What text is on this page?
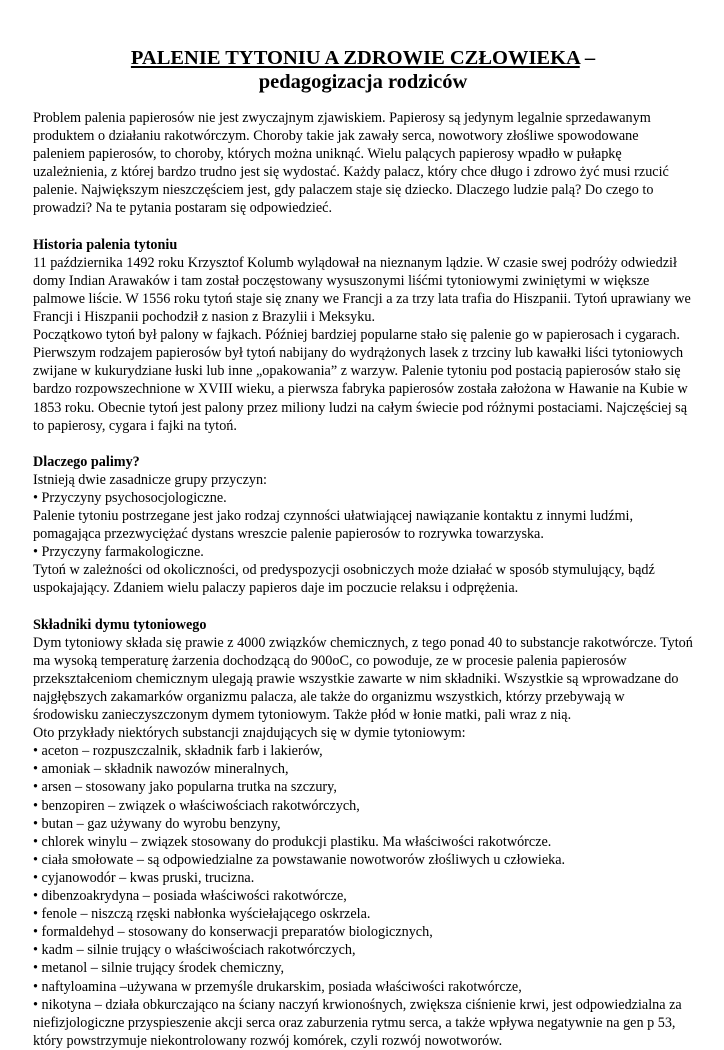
PALENIE TYTONIU A ZDROWIE CZŁOWIEKA –
pedagogizacja rodziców

Problem palenia papierosów nie jest zwyczajnym zjawiskiem. Papierosy są jedynym legalnie sprzedawanym produktem o działaniu rakotwórczym. Choroby takie jak zawały serca, nowotwory złośliwe spowodowane paleniem papierosów, to choroby, których można uniknąć. Wielu palących papierosy wpadło w pułapkę uzależnienia, z której bardzo trudno jest się wydostać. Każdy palacz, który chce długo i zdrowo żyć musi rzucić palenie. Największym nieszczęściem jest, gdy palaczem staje się dziecko. Dlaczego ludzie palą? Do czego to prowadzi? Na te pytania postaram się odpowiedzieć.

Historia palenia tytoniu

11 października 1492 roku Krzysztof Kolumb wylądował na nieznanym lądzie. W czasie swej podróży odwiedził domy Indian Arawaków i tam został poczęstowany wysuszonymi liśćmi tytoniowymi zwiniętymi w większe palmowe liście. W 1556 roku tytoń staje się znany we Francji a za trzy lata trafia do Hiszpanii. Tytoń uprawiany we Francji i Hiszpanii pochodził z nasion z Brazylii i Meksyku.

Początkowo tytoń był palony w fajkach. Później bardziej popularne stało się palenie go w papierosach i cygarach. Pierwszym rodzajem papierosów był tytoń nabijany do wydrążonych lasek z trzciny lub kawałki liści tytoniowych zwijane w kukurydziane łuski lub inne „opakowania” z warzyw. Palenie tytoniu pod postacią papierosów stało się bardzo rozpowszechnione w XVIII wieku, a pierwsza fabryka papierosów została założona w Hawanie na Kubie w 1853 roku. Obecnie tytoń jest palony przez miliony ludzi na całym świecie pod różnymi postaciami. Najczęściej są to papierosy, cygara i fajki na tytoń.

Dlaczego palimy?

Istnieją dwie zasadnicze grupy przyczyn:

• Przyczyny psychosocjologiczne.

Palenie tytoniu postrzegane jest jako rodzaj czynności ułatwiającej nawiązanie kontaktu z innymi ludźmi, pomagająca przezwyciężać dystans wreszcie palenie papierosów to rozrywka towarzyska.

• Przyczyny farmakologiczne.

Tytoń w zależności od okoliczności, od predyspozycji osobniczych może działać w sposób stymulujący, bądź uspokajający. Zdaniem wielu palaczy papieros daje im poczucie relaksu i odprężenia.

Składniki dymu tytoniowego

Dym tytoniowy składa się prawie z 4000 związków chemicznych, z tego ponad 40 to substancje rakotwórcze. Tytoń ma wysoką temperaturę żarzenia dochodzącą do 900oC, co powoduje, ze w procesie palenia papierosów przekształceniom chemicznym ulegają prawie wszystkie zawarte w nim składniki. Wszystkie są wprowadzane do najgłębszych zakamarków organizmu palacza, ale także do organizmu wszystkich, którzy przebywają w środowisku zanieczyszczonym dymem tytoniowym. Także płód w łonie matki, pali wraz z nią.

Oto przykłady niektórych substancji znajdujących się w dymie tytoniowym:

• aceton – rozpuszczalnik, składnik farb i lakierów,
• amoniak – składnik nawozów mineralnych,
• arsen – stosowany jako popularna trutka na szczury,
• benzopiren – związek o właściwościach rakotwórczych,
• butan – gaz używany do wyrobu benzyny,
• chlorek winylu – związek stosowany do produkcji plastiku. Ma właściwości rakotwórcze.
• ciała smołowate – są odpowiedzialne za powstawanie nowotworów złośliwych u człowieka.
• cyjanowodór – kwas pruski, trucizna.
• dibenzoakrydyna – posiada właściwości rakotwórcze,
• fenole – niszczą rzęski nabłonka wyściełającego oskrzela.
• formaldehyd – stosowany do konserwacji preparatów biologicznych,
• kadm – silnie trujący o właściwościach rakotwórczych,
• metanol – silnie trujący środek chemiczny,
• naftyloamina –używana w przemyśle drukarskim, posiada właściwości rakotwórcze,
• nikotyna – działa obkurczająco na ściany naczyń krwionośnych, zwiększa ciśnienie krwi, jest odpowiedzialna za niefizjologiczne przyspieszenie akcji serca oraz zaburzenia rytmu serca, a także wpływa negatywnie na gen p 53, który powstrzymuje niekontrolowany rozwój komórek, czyli rozwój nowotworów.
